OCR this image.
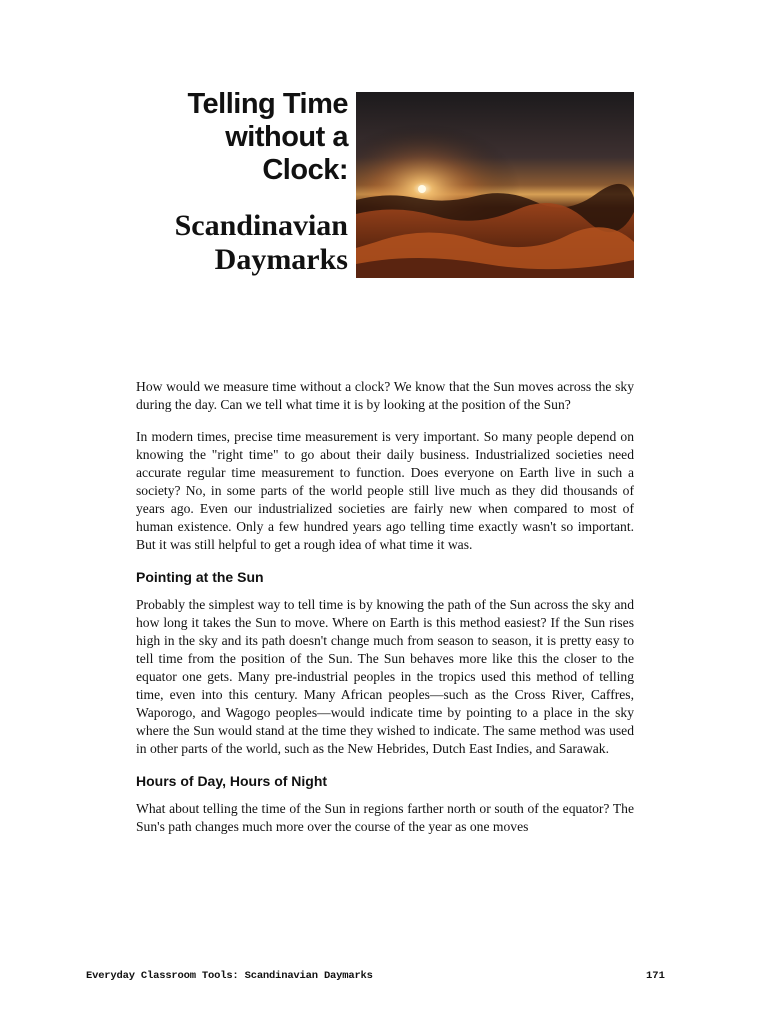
Telling Time
without a
Clock:
Scandinavian
Daymarks

How would we measure time without a clock? We know that the Sun moves across the sky during the day. Can we tell what time it is by looking at the position of the Sun?

In modern times, precise time measurement is very important. So many people depend on knowing the "right time" to go about their daily business. Industrialized societies need accurate regular time measurement to function. Does everyone on Earth live in such a society? No, in some parts of the world people still live much as they did thousands of years ago. Even our industrialized societies are fairly new when compared to most of human existence. Only a few hundred years ago telling time exactly wasn't so important. But it was still helpful to get a rough idea of what time it was.

Pointing at the Sun

Probably the simplest way to tell time is by knowing the path of the Sun across the sky and how long it takes the Sun to move. Where on Earth is this method easiest? If the Sun rises high in the sky and its path doesn't change much from season to season, it is pretty easy to tell time from the position of the Sun. The Sun behaves more like this the closer to the equator one gets. Many pre-industrial peoples in the tropics used this method of telling time, even into this century. Many African peoples—such as the Cross River, Caffres, Waporogo, and Wagogo peoples—would indicate time by pointing to a place in the sky where the Sun would stand at the time they wished to indicate. The same method was used in other parts of the world, such as the New Hebrides, Dutch East Indies, and Sarawak.

Hours of Day, Hours of Night

What about telling the time of the Sun in regions farther north or south of the equator? The Sun's path changes much more over the course of the year as one moves

Everyday Classroom Tools: Scandinavian Daymarks	171
